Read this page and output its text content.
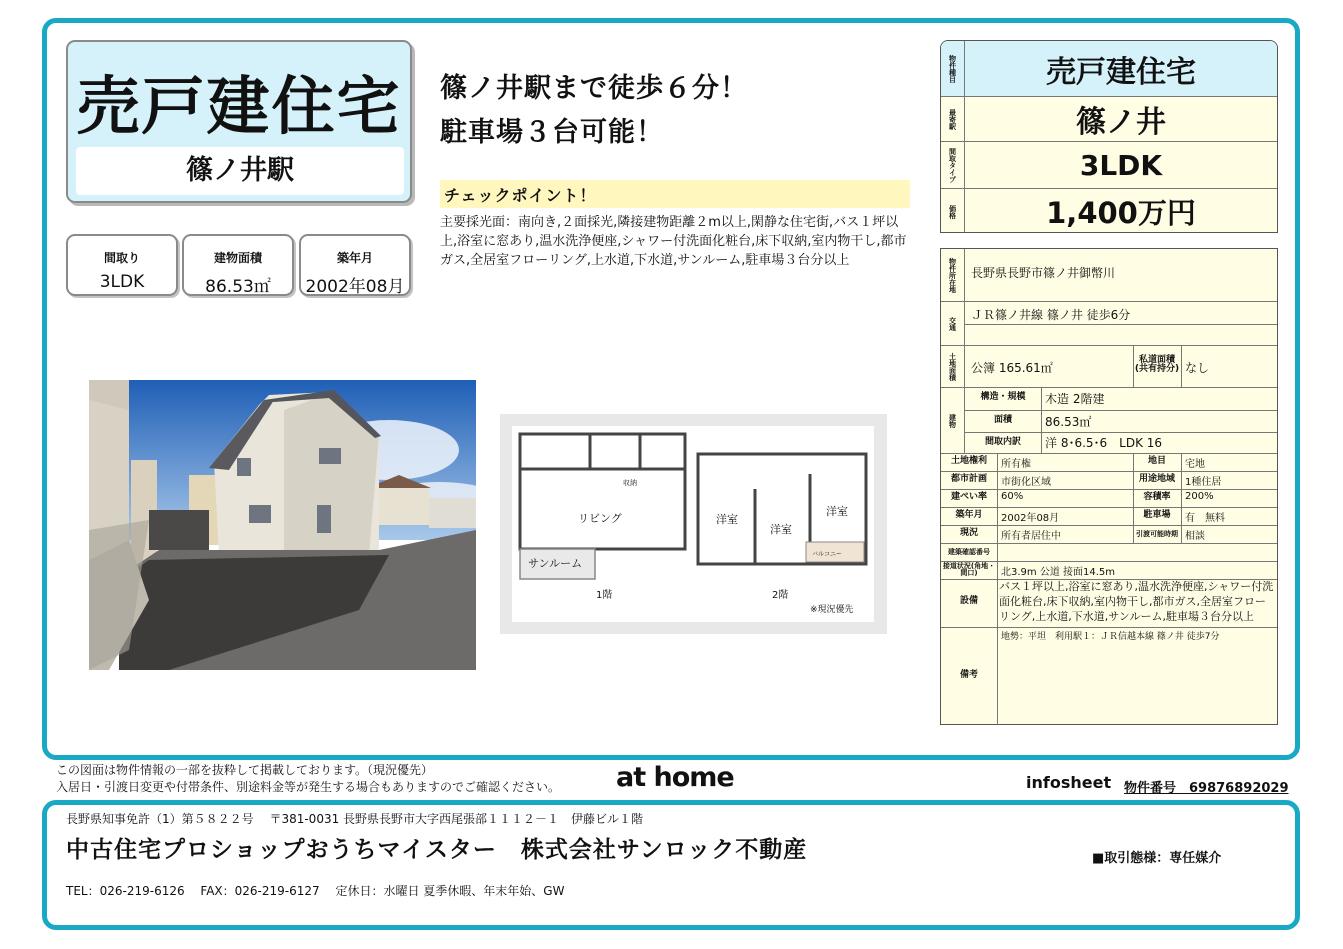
売戸建住宅
篠ノ井駅
間取り
3LDK
建物面積
86.53㎡
築年月
2002年08月
篠ノ井駅まで徒歩６分！
駐車場３台可能！
チェックポイント！
主要採光面：南向き,２面採光,隣接建物距離２m以上,閑静な住宅街,バス１坪以上,浴室に窓あり,温水洗浄便座,シャワー付洗面化粧台,床下収納,室内物干し,都市ガス,全居室フローリング,上水道,下水道,サンルーム,駐車場３台分以上
リビング
サンルーム
洋室
洋室
洋室
収納
バルコニー
1階	2階
※現況優先
物件種目	売戸建住宅
最寄駅	篠ノ井
間取タイプ	3LDK
価格	1,400万円
物件所在地	長野県長野市篠ノ井御幣川
交通
ＪＲ篠ノ井線 篠ノ井 徒歩6分
土地面積	公簿 165.61㎡
私道面積(共有持分) なし
建物
構造・規模	木造 2階建
面積	86.53㎡
間取内訳	洋 8･6.5･6　LDK 16
土地権利	所有権	地目	宅地
都市計画	市街化区域	用途地域	1種住居
建ぺい率	60%	容積率	200%
築年月	2002年08月	駐車場	有　無料
現況	所有者居住中	引渡可能時期 相談
建築確認番号
接道状況(角地・間口)	北3.9m 公道 接面14.5m
設備
バス１坪以上,浴室に窓あり,温水洗浄便座,シャワー付洗面化粧台,床下収納,室内物干し,都市ガス,全居室フローリング,上水道,下水道,サンルーム,駐車場３台分以上
備考
地勢：平坦　利用駅１：ＪＲ信越本線 篠ノ井 徒歩7分
この図面は物件情報の一部を抜粋して掲載しております。（現況優先）
入居日・引渡日変更や付帯条件、別途料金等が発生する場合もありますのでご確認ください。 at home	infosheet 物件番号　69876892029
長野県知事免許（1）第５８２２号　 〒381-0031 長野県長野市大字西尾張部１１１２－１　伊藤ビル１階
中古住宅プロショップおうちマイスター　株式会社サンロック不動産	■取引態様：専任媒介
TEL：026-219-6126　 FAX：026-219-6127　 定休日：水曜日 夏季休暇、年末年始、GW
